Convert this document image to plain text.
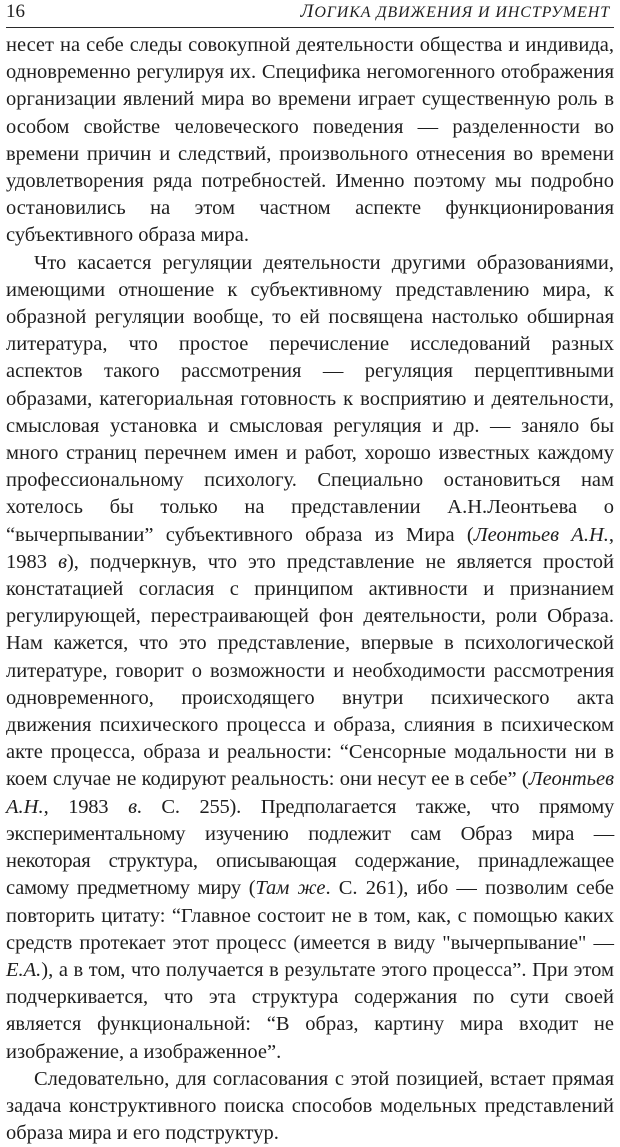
16	ЛОГИКА ДВИЖЕНИЯ И ИНСТРУМЕНТ

несет на себе следы совокупной деятельности общества и индивида, одновременно регулируя их. Специфика негомогенного отображения организации явлений мира во времени играет существенную роль в особом свойстве человеческого поведения — разделенности во времени причин и следствий, произвольного отнесения во времени удовлетворения ряда потребностей. Именно поэтому мы подробно остановились на этом частном аспекте функционирования субъективного образа мира.

Что касается регуляции деятельности другими образованиями, имеющими отношение к субъективному представлению мира, к образной регуляции вообще, то ей посвящена настолько обширная литература, что простое перечисление исследований разных аспектов такого рассмотрения — регуляция перцептивными образами, категориальная готовность к восприятию и деятельности, смысловая установка и смысловая регуляция и др. — заняло бы много страниц перечнем имен и работ, хорошо известных каждому профессиональному психологу. Специально остановиться нам хотелось бы только на представлении А.Н.Леонтьева о “вычерпывании” субъективного образа из Мира (Леонтьев А.Н., 1983 в), подчеркнув, что это представление не является простой констатацией согласия с принципом активности и признанием регулирующей, перестраивающей фон деятельности, роли Образа. Нам кажется, что это представление, впервые в психологической литературе, говорит о возможности и необходимости рассмотрения одновременного, происходящего внутри психического акта движения психического процесса и образа, слияния в психическом акте процесса, образа и реальности: “Сенсорные модальности ни в коем случае не кодируют реальность: они несут ее в себе” (Леонтьев А.Н., 1983 в. С. 255). Предполагается также, что прямому экспериментальному изучению подлежит сам Образ мира — некоторая структура, описывающая содержание, принадлежащее самому предметному миру (Там же. С. 261), ибо — позволим себе повторить цитату: “Главное состоит не в том, как, с помощью каких средств протекает этот процесс (имеется в виду "вычерпывание" — Е.А.), а в том, что получается в результате этого процесса”. При этом подчеркивается, что эта структура содержания по сути своей является функциональной: “В образ, картину мира входит не изображение, а изображенное”.

Следовательно, для согласования с этой позицией, встает прямая задача конструктивного поиска способов модельных представлений образа мира и его подструктур.
